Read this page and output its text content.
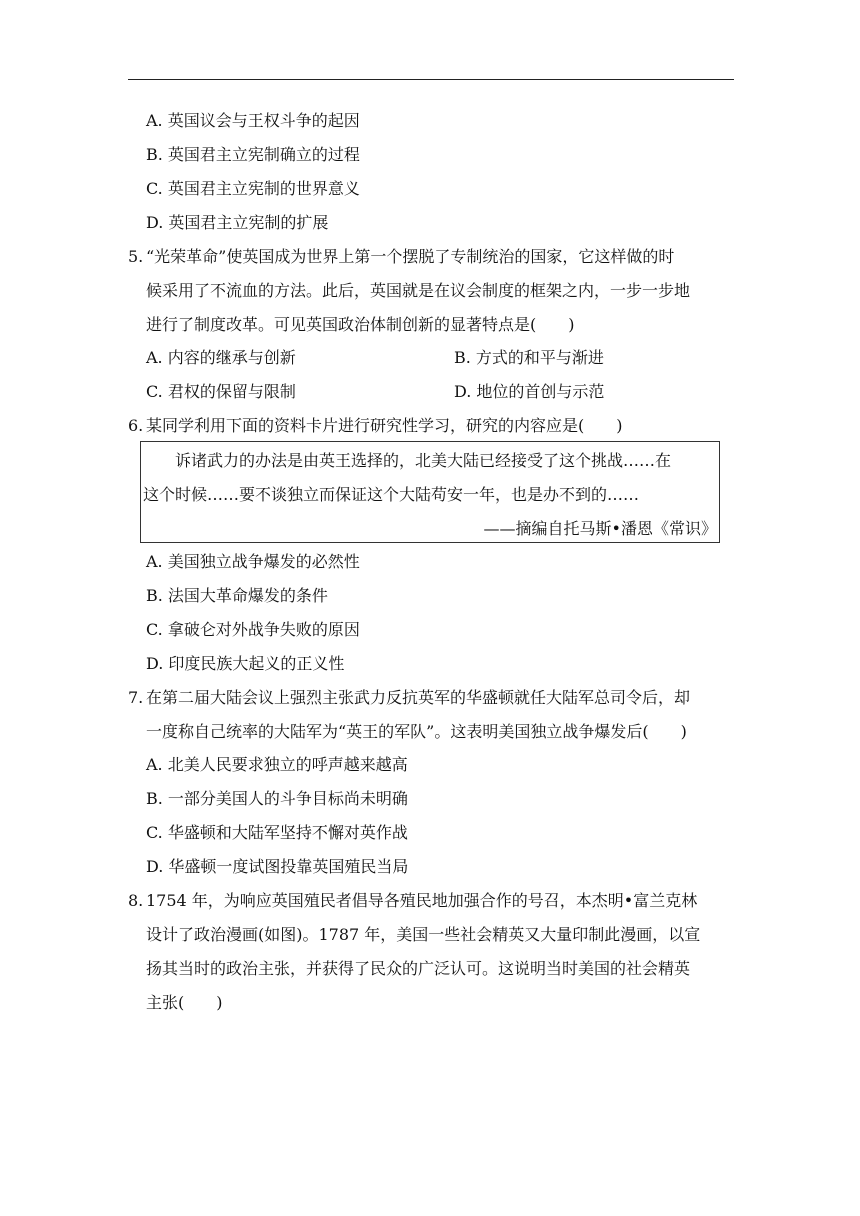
A. 英国议会与王权斗争的起因
B. 英国君主立宪制确立的过程
C. 英国君主立宪制的世界意义
D. 英国君主立宪制的扩展
5. “光荣革命”使英国成为世界上第一个摆脱了专制统治的国家，它这样做的时
候采用了不流血的方法。此后，英国就是在议会制度的框架之内，一步一步地
进行了制度改革。可见英国政治体制创新的显著特点是(　　)
A. 内容的继承与创新	B. 方式的和平与渐进
C. 君权的保留与限制	D. 地位的首创与示范
6. 某同学利用下面的资料卡片进行研究性学习，研究的内容应是(　　)
诉诸武力的办法是由英王选择的，北美大陆已经接受了这个挑战……在
这个时候……要不谈独立而保证这个大陆苟安一年，也是办不到的……
——摘编自托马斯•潘恩《常识》
A. 美国独立战争爆发的必然性
B. 法国大革命爆发的条件
C. 拿破仑对外战争失败的原因
D. 印度民族大起义的正义性
7. 在第二届大陆会议上强烈主张武力反抗英军的华盛顿就任大陆军总司令后，却
一度称自己统率的大陆军为“英王的军队”。这表明美国独立战争爆发后(　　)
A. 北美人民要求独立的呼声越来越高
B. 一部分美国人的斗争目标尚未明确
C. 华盛顿和大陆军坚持不懈对英作战
D. 华盛顿一度试图投靠英国殖民当局
8. 1754 年，为响应英国殖民者倡导各殖民地加强合作的号召，本杰明•富兰克林
设计了政治漫画(如图)。1787 年，美国一些社会精英又大量印制此漫画，以宣
扬其当时的政治主张，并获得了民众的广泛认可。这说明当时美国的社会精英
主张(　　)
